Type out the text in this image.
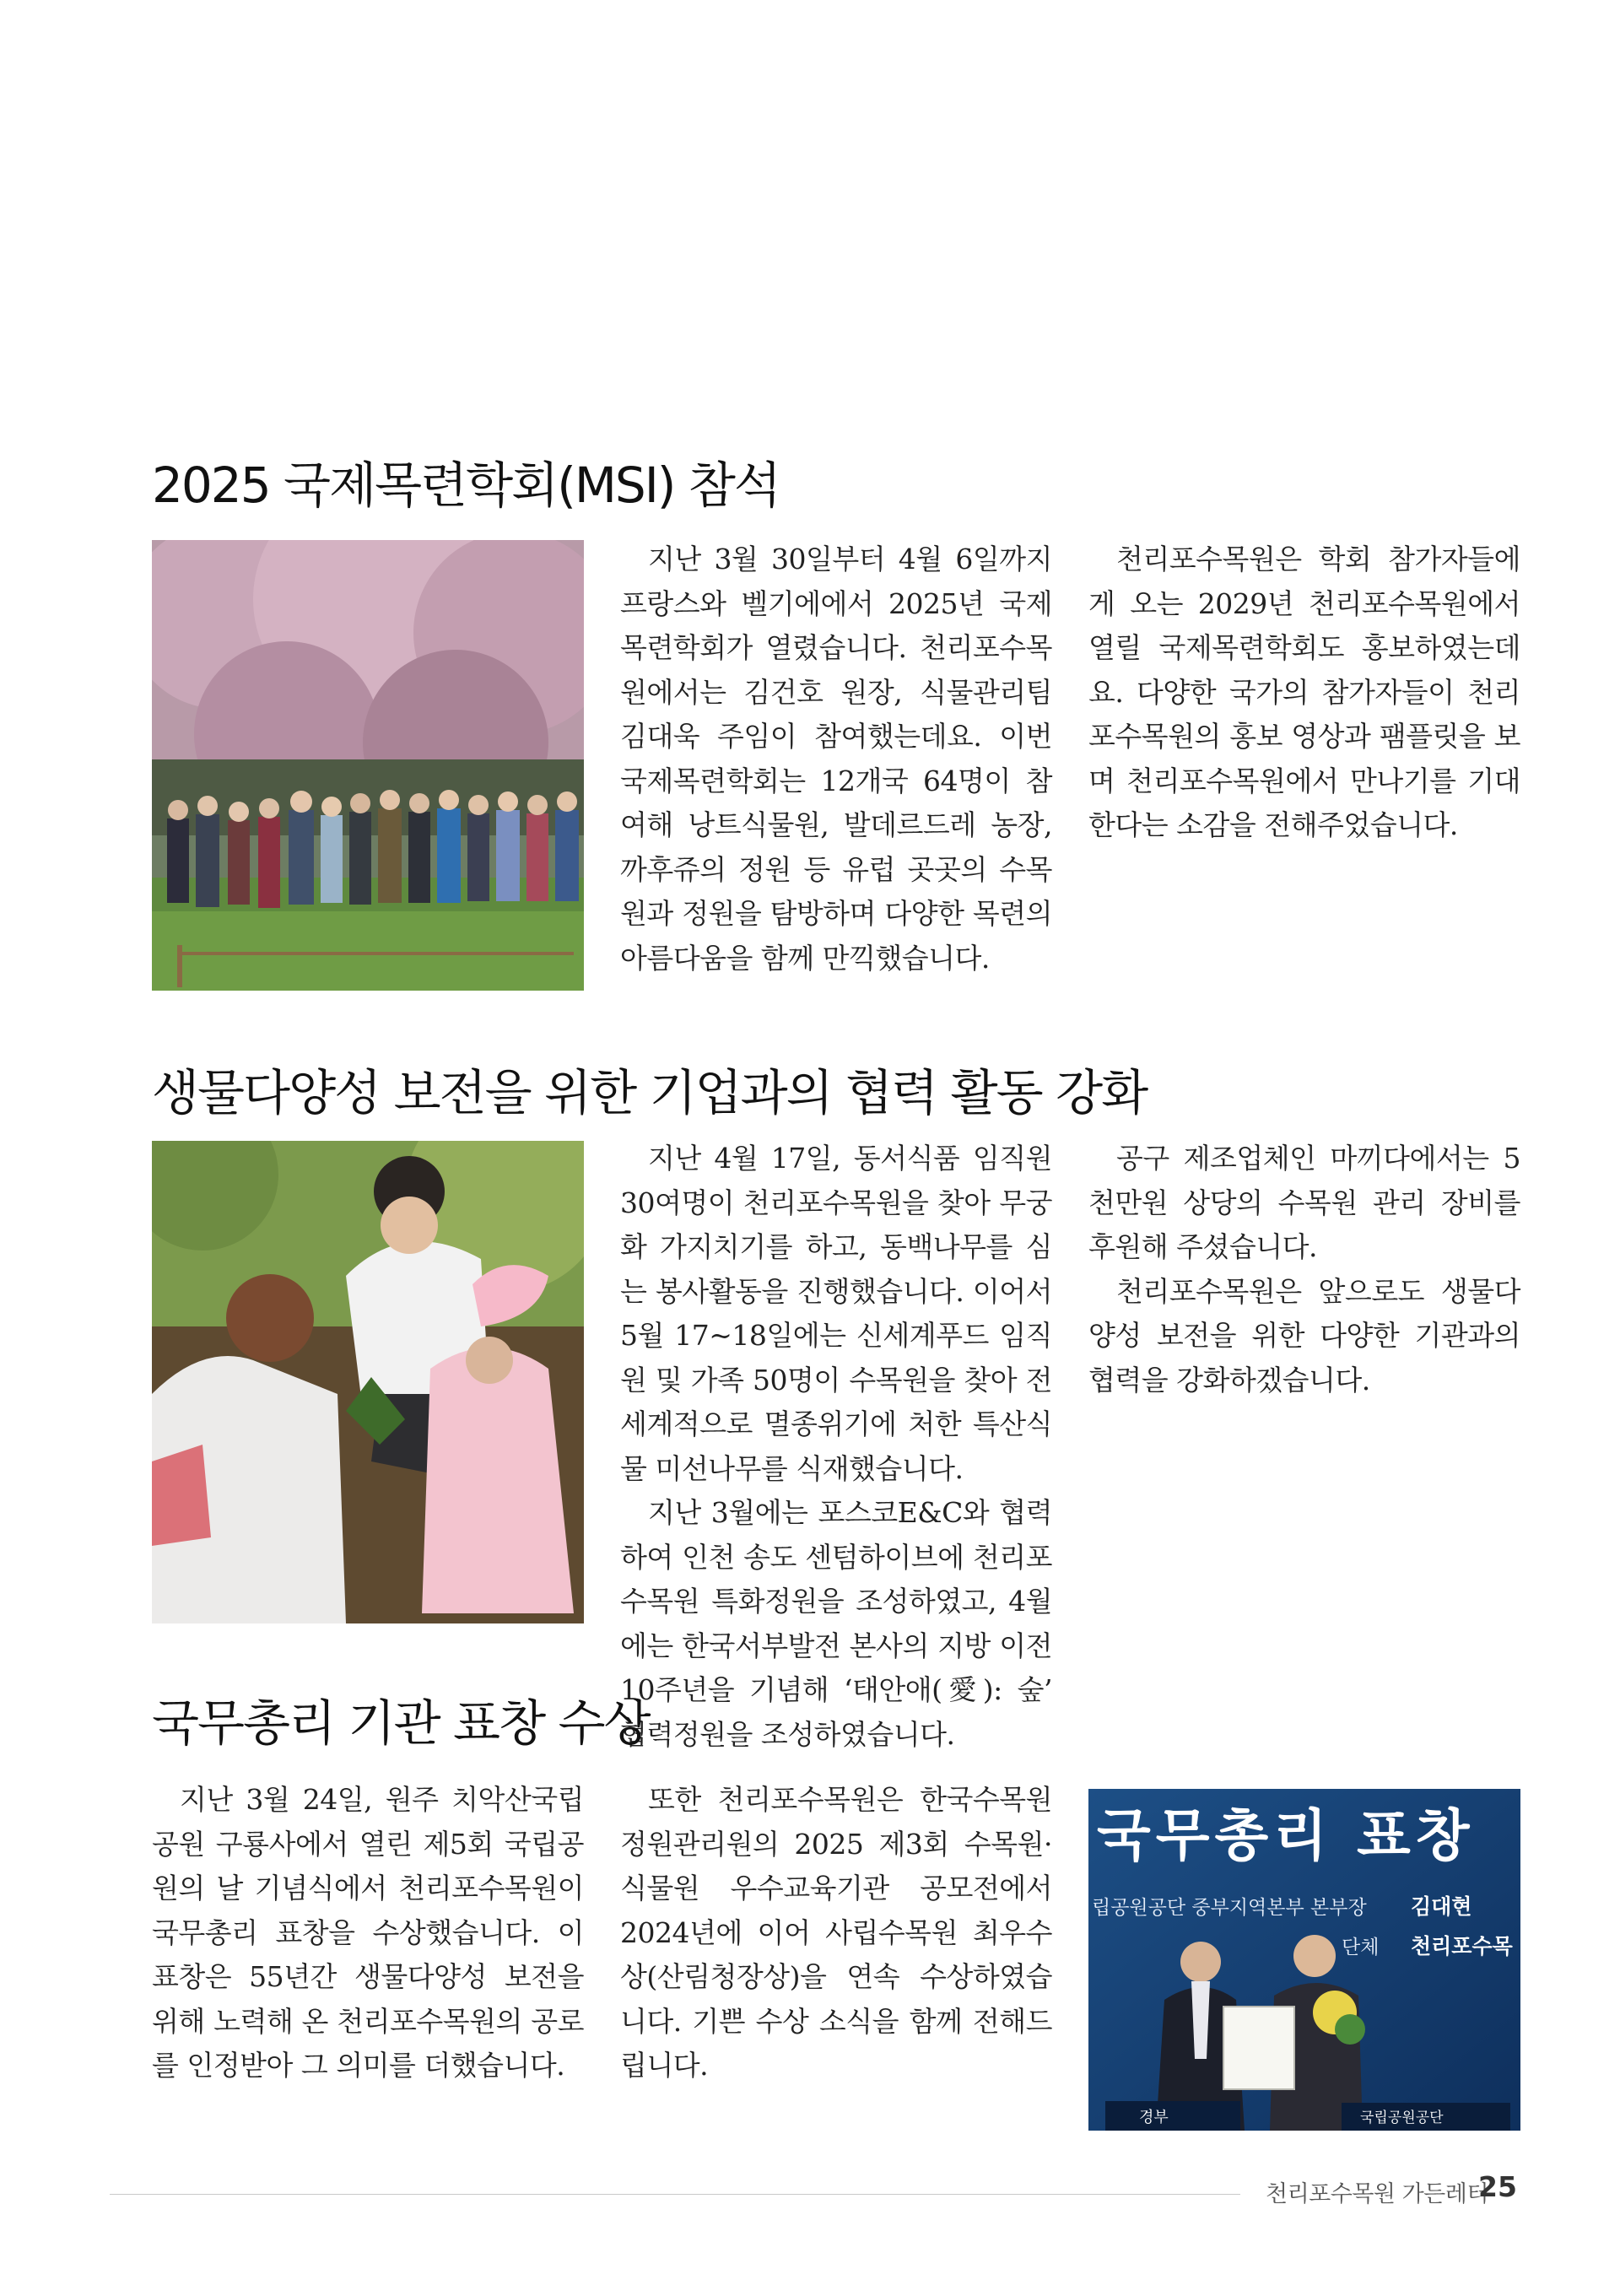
2025 국제목련학회(MSI) 참석

지난 3월 30일부터 4월 6일까지 프랑스와 벨기에에서 2025년 국제목련학회가 열렸습니다. 천리포수목원에서는 김건호 원장, 식물관리팀 김대욱 주임이 참여했는데요. 이번 국제목련학회는 12개국 64명이 참여해 낭트식물원, 발데르드레 농장, 까후쥬의 정원 등 유럽 곳곳의 수목원과 정원을 탐방하며 다양한 목련의 아름다움을 함께 만끽했습니다.

천리포수목원은 학회 참가자들에게 오는 2029년 천리포수목원에서 열릴 국제목련학회도 홍보하였는데요. 다양한 국가의 참가자들이 천리포수목원의 홍보 영상과 팸플릿을 보며 천리포수목원에서 만나기를 기대한다는 소감을 전해주었습니다.

생물다양성 보전을 위한 기업과의 협력 활동 강화

지난 4월 17일, 동서식품 임직원 30여명이 천리포수목원을 찾아 무궁화 가지치기를 하고, 동백나무를 심는 봉사활동을 진행했습니다. 이어서 5월 17~18일에는 신세계푸드 임직원 및 가족 50명이 수목원을 찾아 전 세계적으로 멸종위기에 처한 특산식물 미선나무를 식재했습니다.

지난 3월에는 포스코E&C와 협력하여 인천 송도 센텀하이브에 천리포수목원 특화정원을 조성하였고, 4월에는 한국서부발전 본사의 지방 이전 10주년을 기념해 ‘태안애(愛): 숲’ 협력정원을 조성하였습니다.

공구 제조업체인 마끼다에서는 5천만원 상당의 수목원 관리 장비를 후원해 주셨습니다.

천리포수목원은 앞으로도 생물다양성 보전을 위한 다양한 기관과의 협력을 강화하겠습니다.

국무총리 기관 표창 수상

지난 3월 24일, 원주 치악산국립공원 구룡사에서 열린 제5회 국립공원의 날 기념식에서 천리포수목원이 국무총리 표창을 수상했습니다. 이 표창은 55년간 생물다양성 보전을 위해 노력해 온 천리포수목원의 공로를 인정받아 그 의미를 더했습니다.

또한 천리포수목원은 한국수목원정원관리원의 2025 제3회 수목원·식물원 우수교육기관 공모전에서 2024년에 이어 사립수목원 최우수상(산림청장상)을 연속 수상하였습니다. 기쁜 수상 소식을 함께 전해드립니다.

국무총리 표창
립공원공단 중부지역본부 본부장 김대현
단체 천리포수목
경부	국립공원공단
천리포수목원 가든레터
25
